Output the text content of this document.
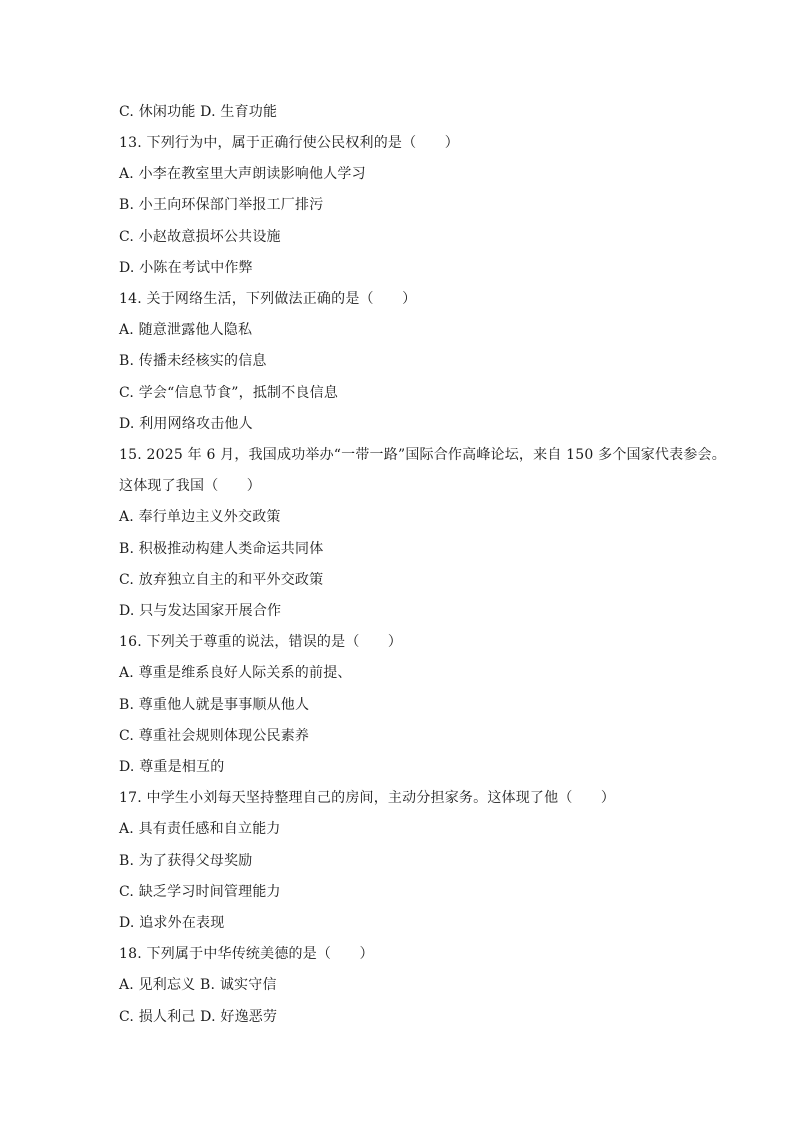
C. 休闲功能 D. 生育功能
13. 下列行为中，属于正确行使公民权利的是（　　）
A. 小李在教室里大声朗读影响他人学习
B. 小王向环保部门举报工厂排污
C. 小赵故意损坏公共设施
D. 小陈在考试中作弊
14. 关于网络生活，下列做法正确的是（　　）
A. 随意泄露他人隐私
B. 传播未经核实的信息
C. 学会“信息节食”，抵制不良信息
D. 利用网络攻击他人
15. 2025 年 6 月，我国成功举办“一带一路”国际合作高峰论坛，来自 150 多个国家代表参会。
这体现了我国（　　）
A. 奉行单边主义外交政策
B. 积极推动构建人类命运共同体
C. 放弃独立自主的和平外交政策
D. 只与发达国家开展合作
16. 下列关于尊重的说法，错误的是（　　）
A. 尊重是维系良好人际关系的前提、
B. 尊重他人就是事事顺从他人
C. 尊重社会规则体现公民素养
D. 尊重是相互的
17. 中学生小刘每天坚持整理自己的房间，主动分担家务。这体现了他（　　）
A. 具有责任感和自立能力
B. 为了获得父母奖励
C. 缺乏学习时间管理能力
D. 追求外在表现
18. 下列属于中华传统美德的是（　　）
A. 见利忘义 B. 诚实守信
C. 损人利己 D. 好逸恶劳
